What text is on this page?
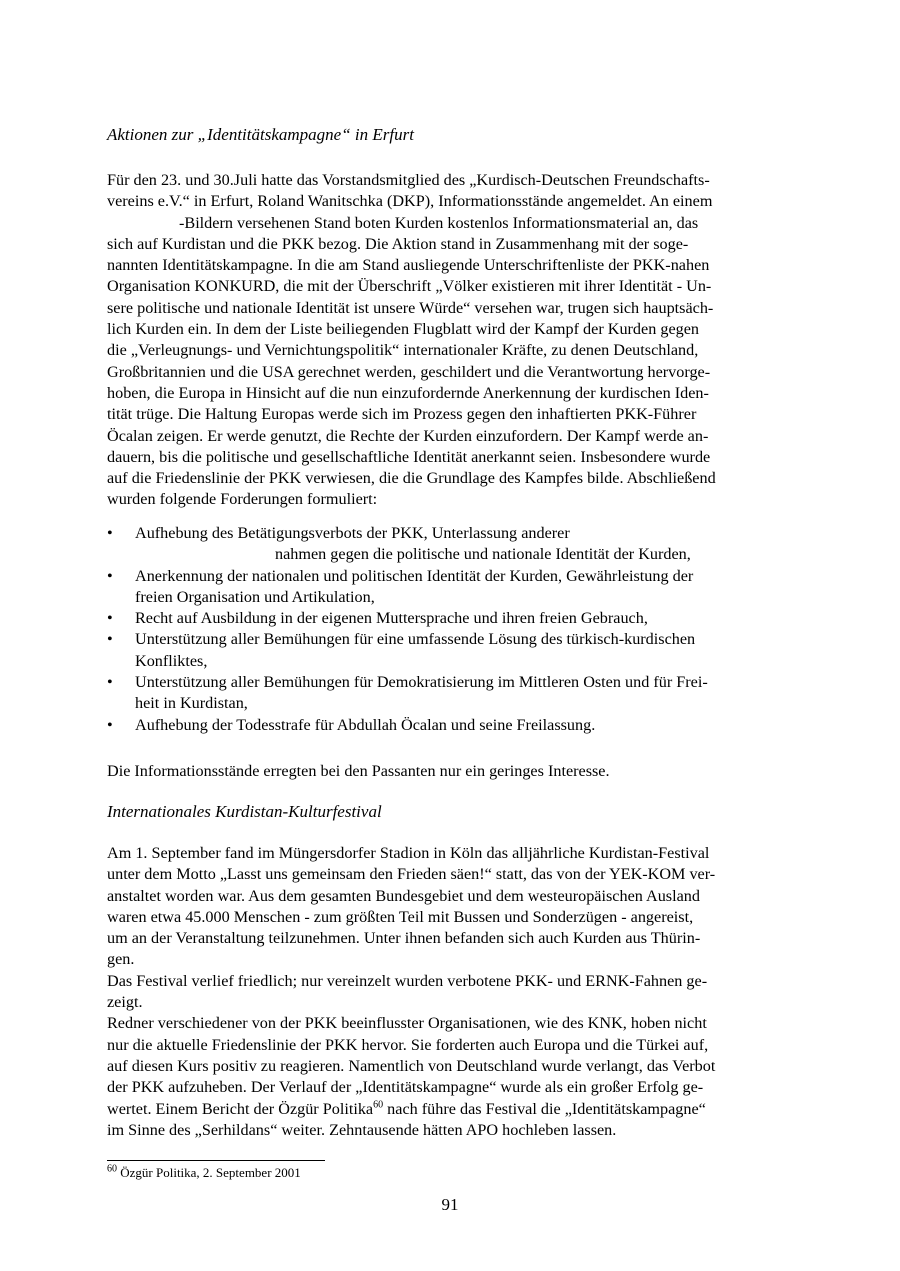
Aktionen zur „Identitätskampagne“ in Erfurt

Für den 23. und 30.Juli hatte das Vorstandsmitglied des „Kurdisch-Deutschen Freundschafts-
vereins e.V.“ in Erfurt, Roland Wanitschka (DKP), Informationsstände angemeldet. An einem
-Bildern versehenen Stand boten Kurden kostenlos Informationsmaterial an, das
sich auf Kurdistan und die PKK bezog. Die Aktion stand in Zusammenhang mit der soge-
nannten Identitätskampagne. In die am Stand ausliegende Unterschriftenliste der PKK-nahen
Organisation KONKURD, die mit der Überschrift „Völker existieren mit ihrer Identität - Un-
sere politische und nationale Identität ist unsere Würde“ versehen war, trugen sich hauptsäch-
lich Kurden ein. In dem der Liste beiliegenden Flugblatt wird der Kampf der Kurden gegen
die „Verleugnungs- und Vernichtungspolitik“ internationaler Kräfte, zu denen Deutschland,
Großbritannien und die USA gerechnet werden, geschildert und die Verantwortung hervorge-
hoben, die Europa in Hinsicht auf die nun einzufordernde Anerkennung der kurdischen Iden-
tität trüge. Die Haltung Europas werde sich im Prozess gegen den inhaftierten PKK-Führer
Öcalan zeigen. Er werde genutzt, die Rechte der Kurden einzufordern. Der Kampf werde an-
dauern, bis die politische und gesellschaftliche Identität anerkannt seien. Insbesondere wurde
auf die Friedenslinie der PKK verwiesen, die die Grundlage des Kampfes bilde. Abschließend
wurden folgende Forderungen formuliert:
• Aufhebung des Betätigungsverbots der PKK, Unterlassung anderer
nahmen gegen die politische und nationale Identität der Kurden,
• Anerkennung der nationalen und politischen Identität der Kurden, Gewährleistung der
freien Organisation und Artikulation,
• Recht auf Ausbildung in der eigenen Muttersprache und ihren freien Gebrauch,
• Unterstützung aller Bemühungen für eine umfassende Lösung des türkisch-kurdischen
Konfliktes,
• Unterstützung aller Bemühungen für Demokratisierung im Mittleren Osten und für Frei-
heit in Kurdistan,
• Aufhebung der Todesstrafe für Abdullah Öcalan und seine Freilassung.
Die Informationsstände erregten bei den Passanten nur ein geringes Interesse.

Internationales Kurdistan-Kulturfestival

Am 1. September fand im Müngersdorfer Stadion in Köln das alljährliche Kurdistan-Festival
unter dem Motto „Lasst uns gemeinsam den Frieden säen!“ statt, das von der YEK-KOM ver-
anstaltet worden war. Aus dem gesamten Bundesgebiet und dem westeuropäischen Ausland
waren etwa 45.000 Menschen - zum größten Teil mit Bussen und Sonderzügen - angereist,
um an der Veranstaltung teilzunehmen. Unter ihnen befanden sich auch Kurden aus Thürin-
gen.
Das Festival verlief friedlich; nur vereinzelt wurden verbotene PKK- und ERNK-Fahnen ge-
zeigt.
Redner verschiedener von der PKK beeinflusster Organisationen, wie des KNK, hoben nicht
nur die aktuelle Friedenslinie der PKK hervor. Sie forderten auch Europa und die Türkei auf,
auf diesen Kurs positiv zu reagieren. Namentlich von Deutschland wurde verlangt, das Verbot
der PKK aufzuheben. Der Verlauf der „Identitätskampagne“ wurde als ein großer Erfolg ge-
wertet. Einem Bericht der Özgür Politika$^{60}$ nach führe das Festival die „Identitätskampagne“
im Sinne des „Serhildans“ weiter. Zehntausende hätten APO hochleben lassen.
$^{60}$ Özgür Politika, 2. September 2001
91
